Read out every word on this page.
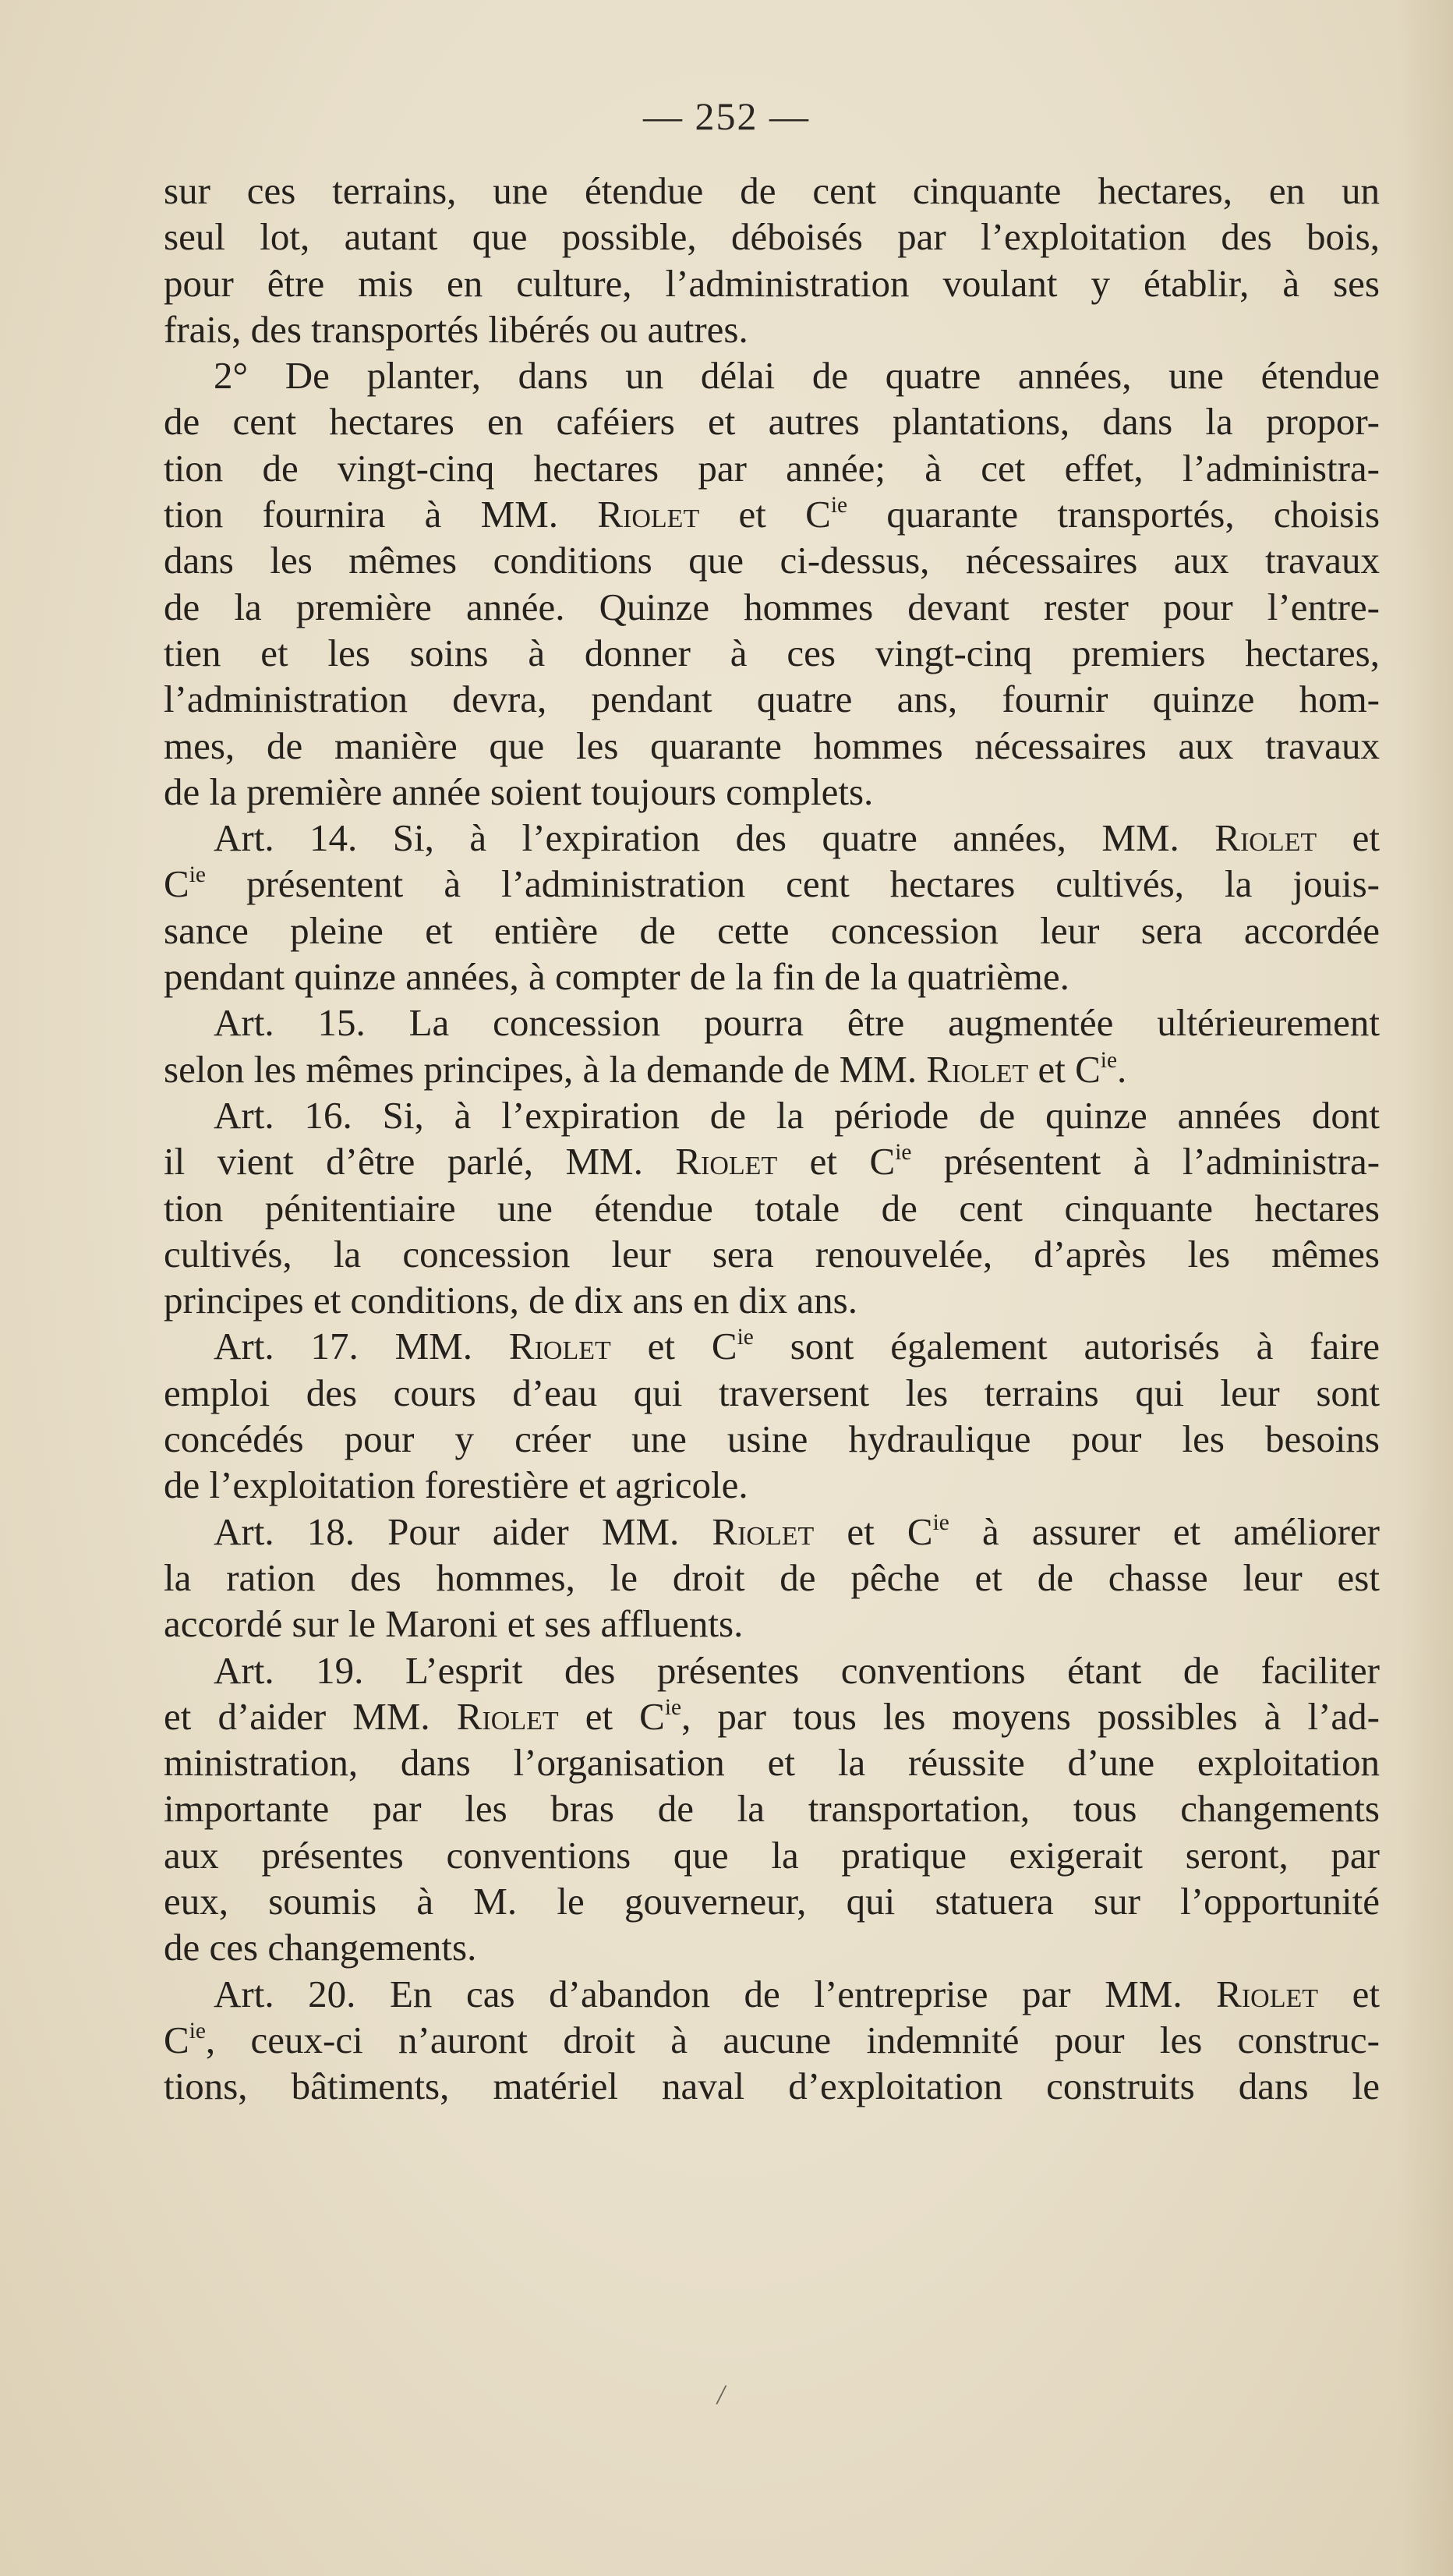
— 252 —
sur ces terrains, une étendue de cent cinquante hectares, en un
seul lot, autant que possible, déboisés par l’exploitation des bois,
pour être mis en culture, l’administration voulant y établir, à ses
frais, des transportés libérés ou autres.
2° De planter, dans un délai de quatre années, une étendue
de cent hectares en caféiers et autres plantations, dans la propor-
tion de vingt-cinq hectares par année; à cet effet, l’administra-
tion fournira à MM. Riolet et $C^{ie}$ quarante transportés, choisis
dans les mêmes conditions que ci-dessus, nécessaires aux travaux
de la première année. Quinze hommes devant rester pour l’entre-
tien et les soins à donner à ces vingt-cinq premiers hectares,
l’administration devra, pendant quatre ans, fournir quinze hom-
mes, de manière que les quarante hommes nécessaires aux travaux
de la première année soient toujours complets.
Art. 14. Si, à l’expiration des quatre années, MM. Riolet et
$C^{ie}$ présentent à l’administration cent hectares cultivés, la jouis-
sance pleine et entière de cette concession leur sera accordée
pendant quinze années, à compter de la fin de la quatrième.
Art. 15. La concession pourra être augmentée ultérieurement
selon les mêmes principes, à la demande de MM. Riolet et $C^{ie}$.
Art. 16. Si, à l’expiration de la période de quinze années dont
il vient d’être parlé, MM. Riolet et $C^{ie}$ présentent à l’administra-
tion pénitentiaire une étendue totale de cent cinquante hectares
cultivés, la concession leur sera renouvelée, d’après les mêmes
principes et conditions, de dix ans en dix ans.
Art. 17. MM. Riolet et $C^{ie}$ sont également autorisés à faire
emploi des cours d’eau qui traversent les terrains qui leur sont
concédés pour y créer une usine hydraulique pour les besoins
de l’exploitation forestière et agricole.
Art. 18. Pour aider MM. Riolet et $C^{ie}$ à assurer et améliorer
la ration des hommes, le droit de pêche et de chasse leur est
accordé sur le Maroni et ses affluents.
Art. 19. L’esprit des présentes conventions étant de faciliter
et d’aider MM. Riolet et $C^{ie}$, par tous les moyens possibles à l’ad-
ministration, dans l’organisation et la réussite d’une exploitation
importante par les bras de la transportation, tous changements
aux présentes conventions que la pratique exigerait seront, par
eux, soumis à M. le gouverneur, qui statuera sur l’opportunité
de ces changements.
Art. 20. En cas d’abandon de l’entreprise par MM. Riolet et
$C^{ie}$, ceux-ci n’auront droit à aucune indemnité pour les construc-
tions, bâtiments, matériel naval d’exploitation construits dans le
/
